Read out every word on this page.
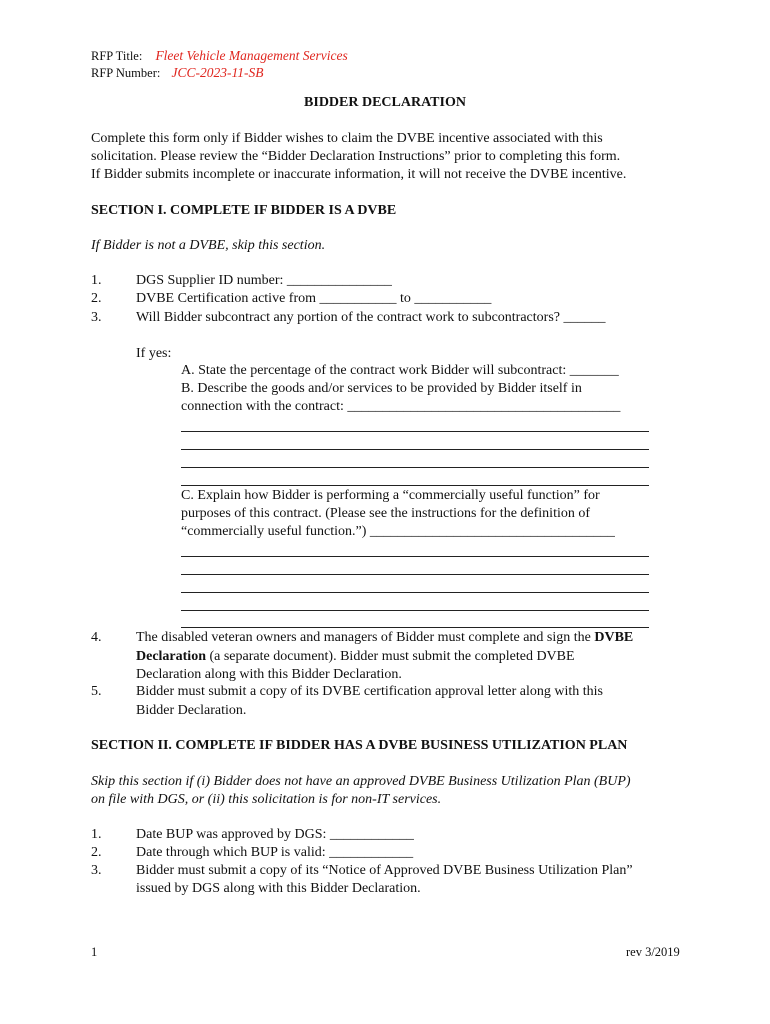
RFP Title: Fleet Vehicle Management Services
RFP Number: JCC-2023-11-SB
BIDDER DECLARATION
Complete this form only if Bidder wishes to claim the DVBE incentive associated with this
solicitation. Please review the “Bidder Declaration Instructions” prior to completing this form.
If Bidder submits incomplete or inaccurate information, it will not receive the DVBE incentive.
SECTION I. COMPLETE IF BIDDER IS A DVBE
If Bidder is not a DVBE, skip this section.
1. DGS Supplier ID number: _______________
2. DVBE Certification active from ___________ to ___________
3. Will Bidder subcontract any portion of the contract work to subcontractors? ______
If yes:
A. State the percentage of the contract work Bidder will subcontract: _______
B. Describe the goods and/or services to be provided by Bidder itself in
connection with the contract: _______________________________________
C. Explain how Bidder is performing a “commercially useful function” for
purposes of this contract. (Please see the instructions for the definition of
“commercially useful function.”) ___________________________________
4. The disabled veteran owners and managers of Bidder must complete and sign the DVBE
Declaration (a separate document). Bidder must submit the completed DVBE
Declaration along with this Bidder Declaration.
5. Bidder must submit a copy of its DVBE certification approval letter along with this
Bidder Declaration.
SECTION II. COMPLETE IF BIDDER HAS A DVBE BUSINESS UTILIZATION PLAN
Skip this section if (i) Bidder does not have an approved DVBE Business Utilization Plan (BUP)
on file with DGS, or (ii) this solicitation is for non-IT services.
1. Date BUP was approved by DGS: ____________
2. Date through which BUP is valid: ____________
3. Bidder must submit a copy of its “Notice of Approved DVBE Business Utilization Plan”
issued by DGS along with this Bidder Declaration.
1	rev 3/2019
